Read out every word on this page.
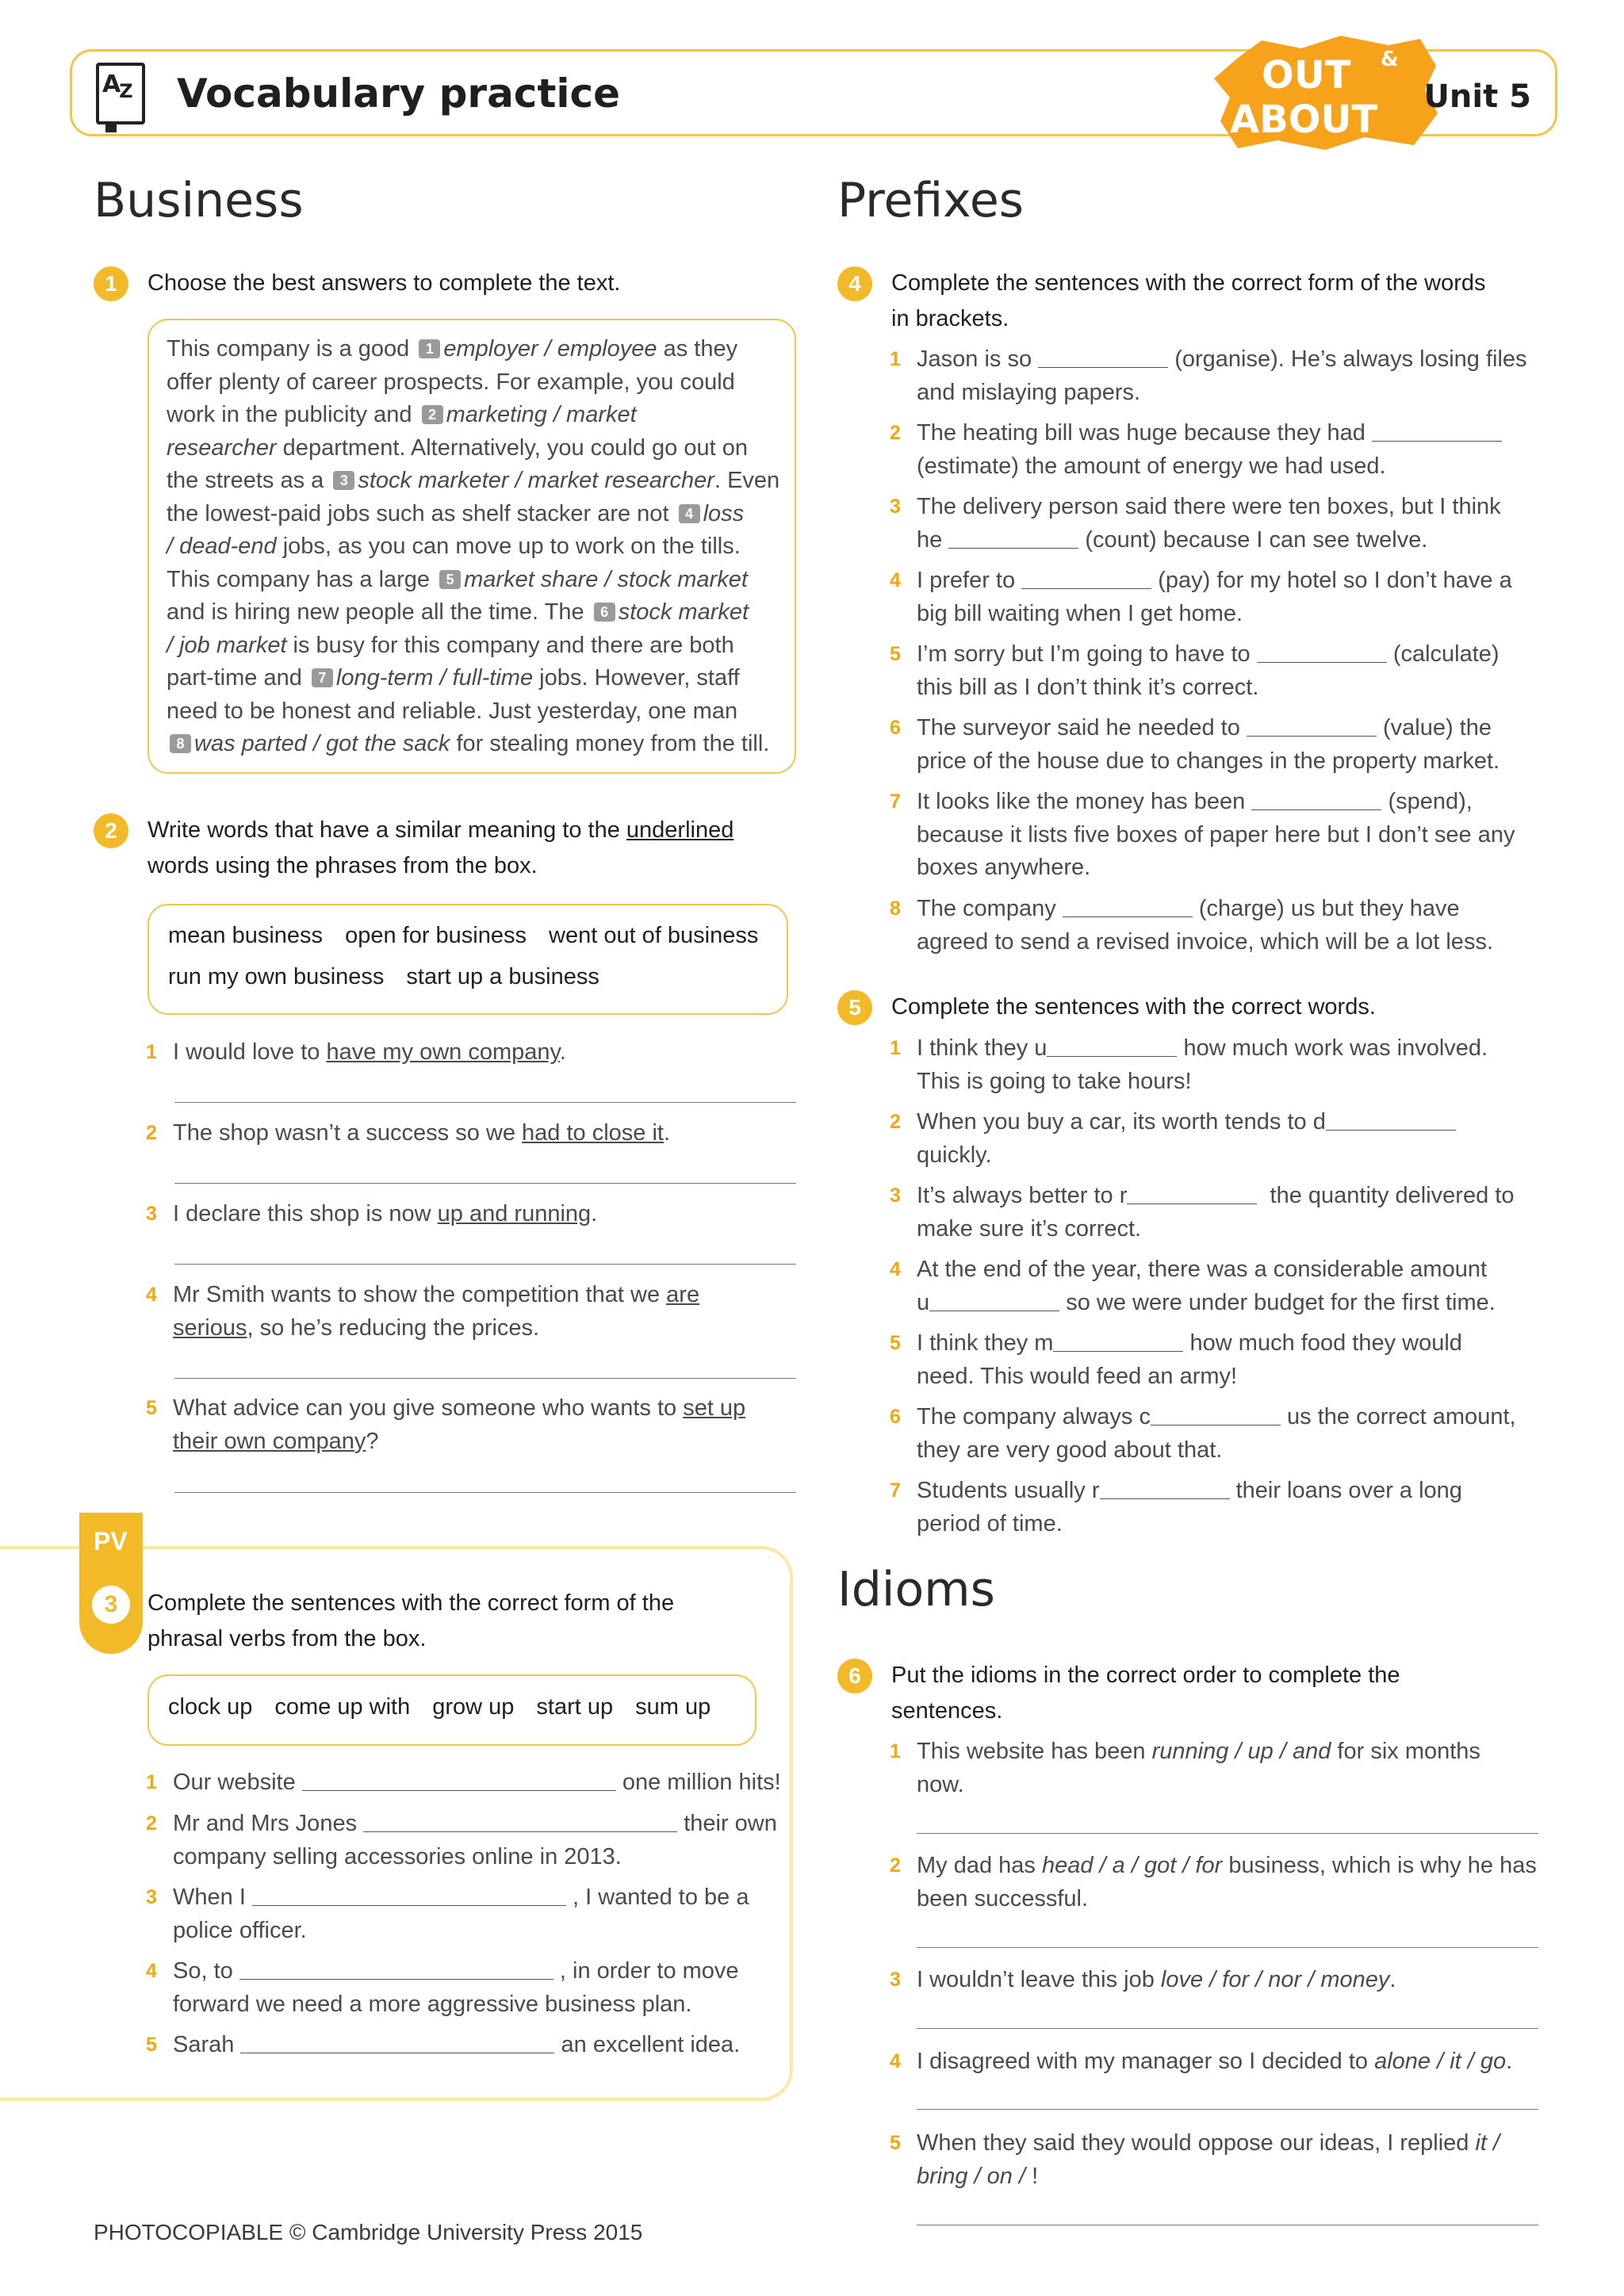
$A_Z$ Vocabulary practice	OUT &
ABOUT
Unit 5
Business	Prefixes
Idioms
1	Choose the best answers to complete the text.
This company is a good 1 employer / employee as they
offer plenty of career prospects. For example, you could
work in the publicity and 2 marketing / market
researcher department. Alternatively, you could go out on
the streets as a 3 stock marketer / market researcher. Even
the lowest-paid jobs such as shelf stacker are not 4 loss
/ dead-end jobs, as you can move up to work on the tills.
This company has a large 5 market share / stock market
and is hiring new people all the time. The 6 stock market
/ job market is busy for this company and there are both
part-time and 7 long-term / full-time jobs. However, staff
need to be honest and reliable. Just yesterday, one man
8 was parted / got the sack for stealing money from the till.
2	Write words that have a similar meaning to the underlined
words using the phrases from the box.
mean business open for business went out of business
run my own business start up a business
1 I would love to have my own company.
2 The shop wasn’t a success so we had to close it.
3 I declare this shop is now up and running.
4 Mr Smith wants to show the competition that we are
serious, so he’s reducing the prices.
5 What advice can you give someone who wants to set up
their own company?
PV
3	Complete the sentences with the correct form of the
phrasal verbs from the box.
clock up come up with grow up start up sum up
1 Our website	one million hits!
2 Mr and Mrs Jones	their own
company selling accessories online in 2013.
3 When I	, I wanted to be a
police officer.
4 So, to	, in order to move
forward we need a more aggressive business plan.
5 Sarah	an excellent idea.
4	Complete the sentences with the correct form of the words
in brackets.
1 Jason is so	(organise). He’s always losing files
and mislaying papers.
2 The heating bill was huge because they had
(estimate) the amount of energy we had used.
3 The delivery person said there were ten boxes, but I think
he	(count) because I can see twelve.
4 I prefer to	(pay) for my hotel so I don’t have a
big bill waiting when I get home.
5 I’m sorry but I’m going to have to	(calculate)
this bill as I don’t think it’s correct.
6 The surveyor said he needed to	(value) the
price of the house due to changes in the property market.
7 It looks like the money has been	(spend),
because it lists five boxes of paper here but I don’t see any
boxes anywhere.
8 The company	(charge) us but they have
agreed to send a revised invoice, which will be a lot less.
5	Complete the sentences with the correct words.
1 I think they u	how much work was involved.
This is going to take hours!
2 When you buy a car, its worth tends to d
quickly.
3 It’s always better to r	the quantity delivered to
make sure it’s correct.
4 At the end of the year, there was a considerable amount
u	so we were under budget for the first time.
5 I think they m	how much food they would
need. This would feed an army!
6 The company always c	us the correct amount,
they are very good about that.
7 Students usually r	their loans over a long
period of time.
6	Put the idioms in the correct order to complete the
sentences.
1 This website has been running / up / and for six months
now.
2 My dad has head / a / got / for business, which is why he has
been successful.
3 I wouldn’t leave this job love / for / nor / money.
4 I disagreed with my manager so I decided to alone / it / go.
5 When they said they would oppose our ideas, I replied it /
bring / on / !
PHOTOCOPIABLE © Cambridge University Press 2015
